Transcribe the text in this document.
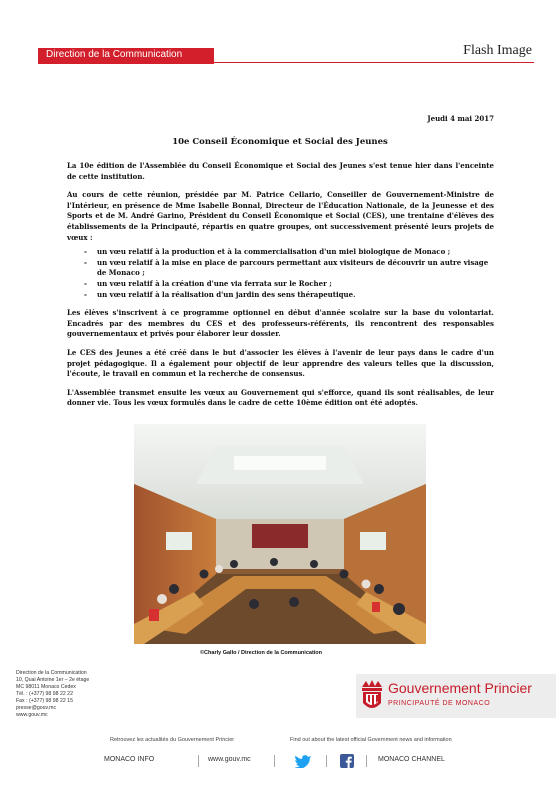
Direction de la Communication	Flash Image
Jeudi 4 mai 2017
10e Conseil Économique et Social des Jeunes

La 10e édition de l'Assemblée du Conseil Économique et Social des Jeunes s'est tenue hier dans l'enceinte de cette institution.

Au cours de cette réunion, présidée par M. Patrice Cellario, Conseiller de Gouvernement-Ministre de l'Intérieur, en présence de Mme Isabelle Bonnal, Directeur de l'Éducation Nationale, de la Jeunesse et des Sports et de M. André Garino, Président du Conseil Économique et Social (CES), une trentaine d'élèves des établissements de la Principauté, répartis en quatre groupes, ont successivement présenté leurs projets de vœux :

- un vœu relatif à la production et à la commercialisation d'un miel biologique de Monaco ;
- un vœu relatif à la mise en place de parcours permettant aux visiteurs de découvrir un autre visage de Monaco ;
- un vœu relatif à la création d'une via ferrata sur le Rocher ;
- un vœu relatif à la réalisation d'un jardin des sens thérapeutique.

Les élèves s'inscrivent à ce programme optionnel en début d'année scolaire sur la base du volontariat. Encadrés par des membres du CES et des professeurs-référents, ils rencontrent des responsables gouvernementaux et privés pour élaborer leur dossier.

Le CES des Jeunes a été créé dans le but d'associer les élèves à l'avenir de leur pays dans le cadre d'un projet pédagogique. Il a également pour objectif de leur apprendre des valeurs telles que la discussion, l'écoute, le travail en commun et la recherche de consensus.

L'Assemblée transmet ensuite les vœux au Gouvernement qui s'efforce, quand ils sont réalisables, de leur donner vie. Tous les vœux formulés dans le cadre de cette 10ème édition ont été adoptés.

©Charly Gallo / Direction de la Communication
Direction de la Communication
10, Quai Antoine 1er – 2e étage
MC 98011 Monaco Cedex
Tél. : (+377) 98 98 22 22
Fax : (+377) 98 98 22 15
presse@gouv.mc
www.gouv.mc
Gouvernement Princier
PRINCIPAUTÉ DE MONACO
Retrouvez les actualités du Gouvernement Princier	Find out about the latest official Government news and information
MONACO INFO	www.gouv.mc	MONACO CHANNEL
